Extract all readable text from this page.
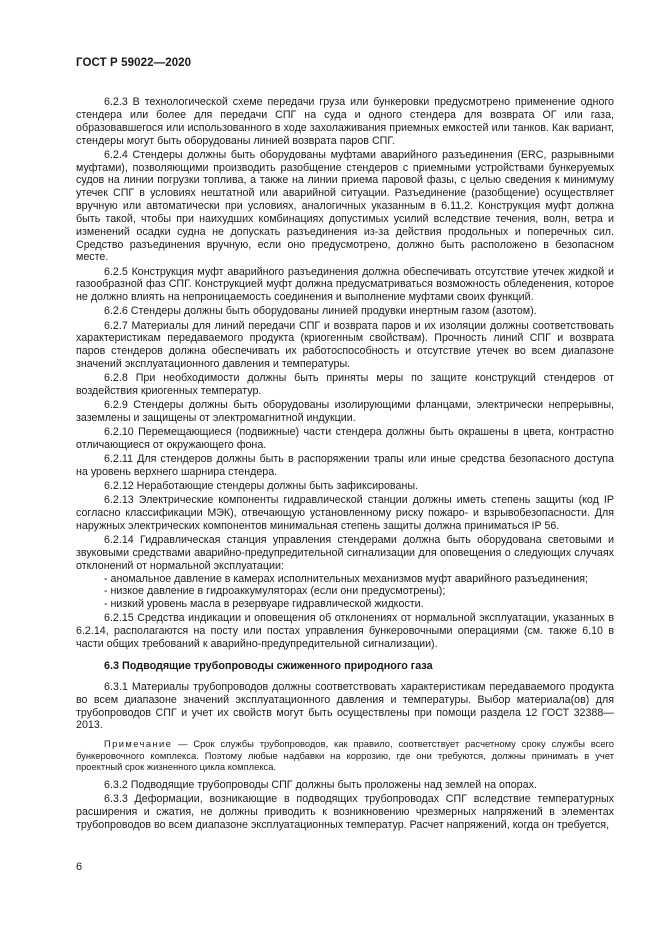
ГОСТ Р 59022—2020

6.2.3 В технологической схеме передачи груза или бункеровки предусмотрено применение одного стендера или более для передачи СПГ на суда и одного стендера для возврата ОГ или газа, образовавшегося или использованного в ходе захолаживания приемных емкостей или танков. Как вариант, стендеры могут быть оборудованы линией возврата паров СПГ.

6.2.4 Стендеры должны быть оборудованы муфтами аварийного разъединения (ERC, разрывными муфтами), позволяющими производить разобщение стендеров с приемными устройствами бункеруемых судов на линии погрузки топлива, а также на линии приема паровой фазы, с целью сведения к минимуму утечек СПГ в условиях нештатной или аварийной ситуации. Разъединение (разобщение) осуществляет вручную или автоматически при условиях, аналогичных указанным в 6.11.2. Конструкция муфт должна быть такой, чтобы при наихудших комбинациях допустимых усилий вследствие течения, волн, ветра и изменений осадки судна не допускать разъединения из-за действия продольных и поперечных сил. Средство разъединения вручную, если оно предусмотрено, должно быть расположено в безопасном месте.

6.2.5 Конструкция муфт аварийного разъединения должна обеспечивать отсутствие утечек жидкой и газообразной фаз СПГ. Конструкцией муфт должна предусматриваться возможность обледенения, которое не должно влиять на непроницаемость соединения и выполнение муфтами своих функций.

6.2.6 Стендеры должны быть оборудованы линией продувки инертным газом (азотом).

6.2.7 Материалы для линий передачи СПГ и возврата паров и их изоляции должны соответствовать характеристикам передаваемого продукта (криогенным свойствам). Прочность линий СПГ и возврата паров стендеров должна обеспечивать их работоспособность и отсутствие утечек во всем диапазоне значений эксплуатационного давления и температуры.

6.2.8 При необходимости должны быть приняты меры по защите конструкций стендеров от воздействия криогенных температур.

6.2.9 Стендеры должны быть оборудованы изолирующими фланцами, электрически непрерывны, заземлены и защищены от электромагнитной индукции.

6.2.10 Перемещающиеся (подвижные) части стендера должны быть окрашены в цвета, контрастно отличающиеся от окружающего фона.

6.2.11 Для стендеров должны быть в распоряжении трапы или иные средства безопасного доступа на уровень верхнего шарнира стендера.

6.2.12 Неработающие стендеры должны быть зафиксированы.

6.2.13 Электрические компоненты гидравлической станции должны иметь степень защиты (код IP согласно классификации МЭК), отвечающую установленному риску пожаро- и взрывобезопасности. Для наружных электрических компонентов минимальная степень защиты должна приниматься IP 56.

6.2.14 Гидравлическая станция управления стендерами должна быть оборудована световыми и звуковыми средствами аварийно-предупредительной сигнализации для оповещения о следующих случаях отклонений от нормальной эксплуатации:

- аномальное давление в камерах исполнительных механизмов муфт аварийного разъединения;

- низкое давление в гидроаккумуляторах (если они предусмотрены);

- низкий уровень масла в резервуаре гидравлической жидкости.

6.2.15 Средства индикации и оповещения об отклонениях от нормальной эксплуатации, указанных в 6.2.14, располагаются на посту или постах управления бункеровочными операциями (см. также 6.10 в части общих требований к аварийно-предупредительной сигнализации).

6.3 Подводящие трубопроводы сжиженного природного газа

6.3.1 Материалы трубопроводов должны соответствовать характеристикам передаваемого продукта во всем диапазоне значений эксплуатационного давления и температуры. Выбор материала(ов) для трубопроводов СПГ и учет их свойств могут быть осуществлены при помощи раздела 12 ГОСТ 32388—2013.

Примечание — Срок службы трубопроводов, как правило, соответствует расчетному сроку службы всего бункеровочного комплекса. Поэтому любые надбавки на коррозию, где они требуются, должны принимать в учет проектный срок жизненного цикла комплекса.

6.3.2 Подводящие трубопроводы СПГ должны быть проложены над землей на опорах.

6.3.3 Деформации, возникающие в подводящих трубопроводах СПГ вследствие температурных расширения и сжатия, не должны приводить к возникновению чрезмерных напряжений в элементах трубопроводов во всем диапазоне эксплуатационных температур. Расчет напряжений, когда он требуется,

6
